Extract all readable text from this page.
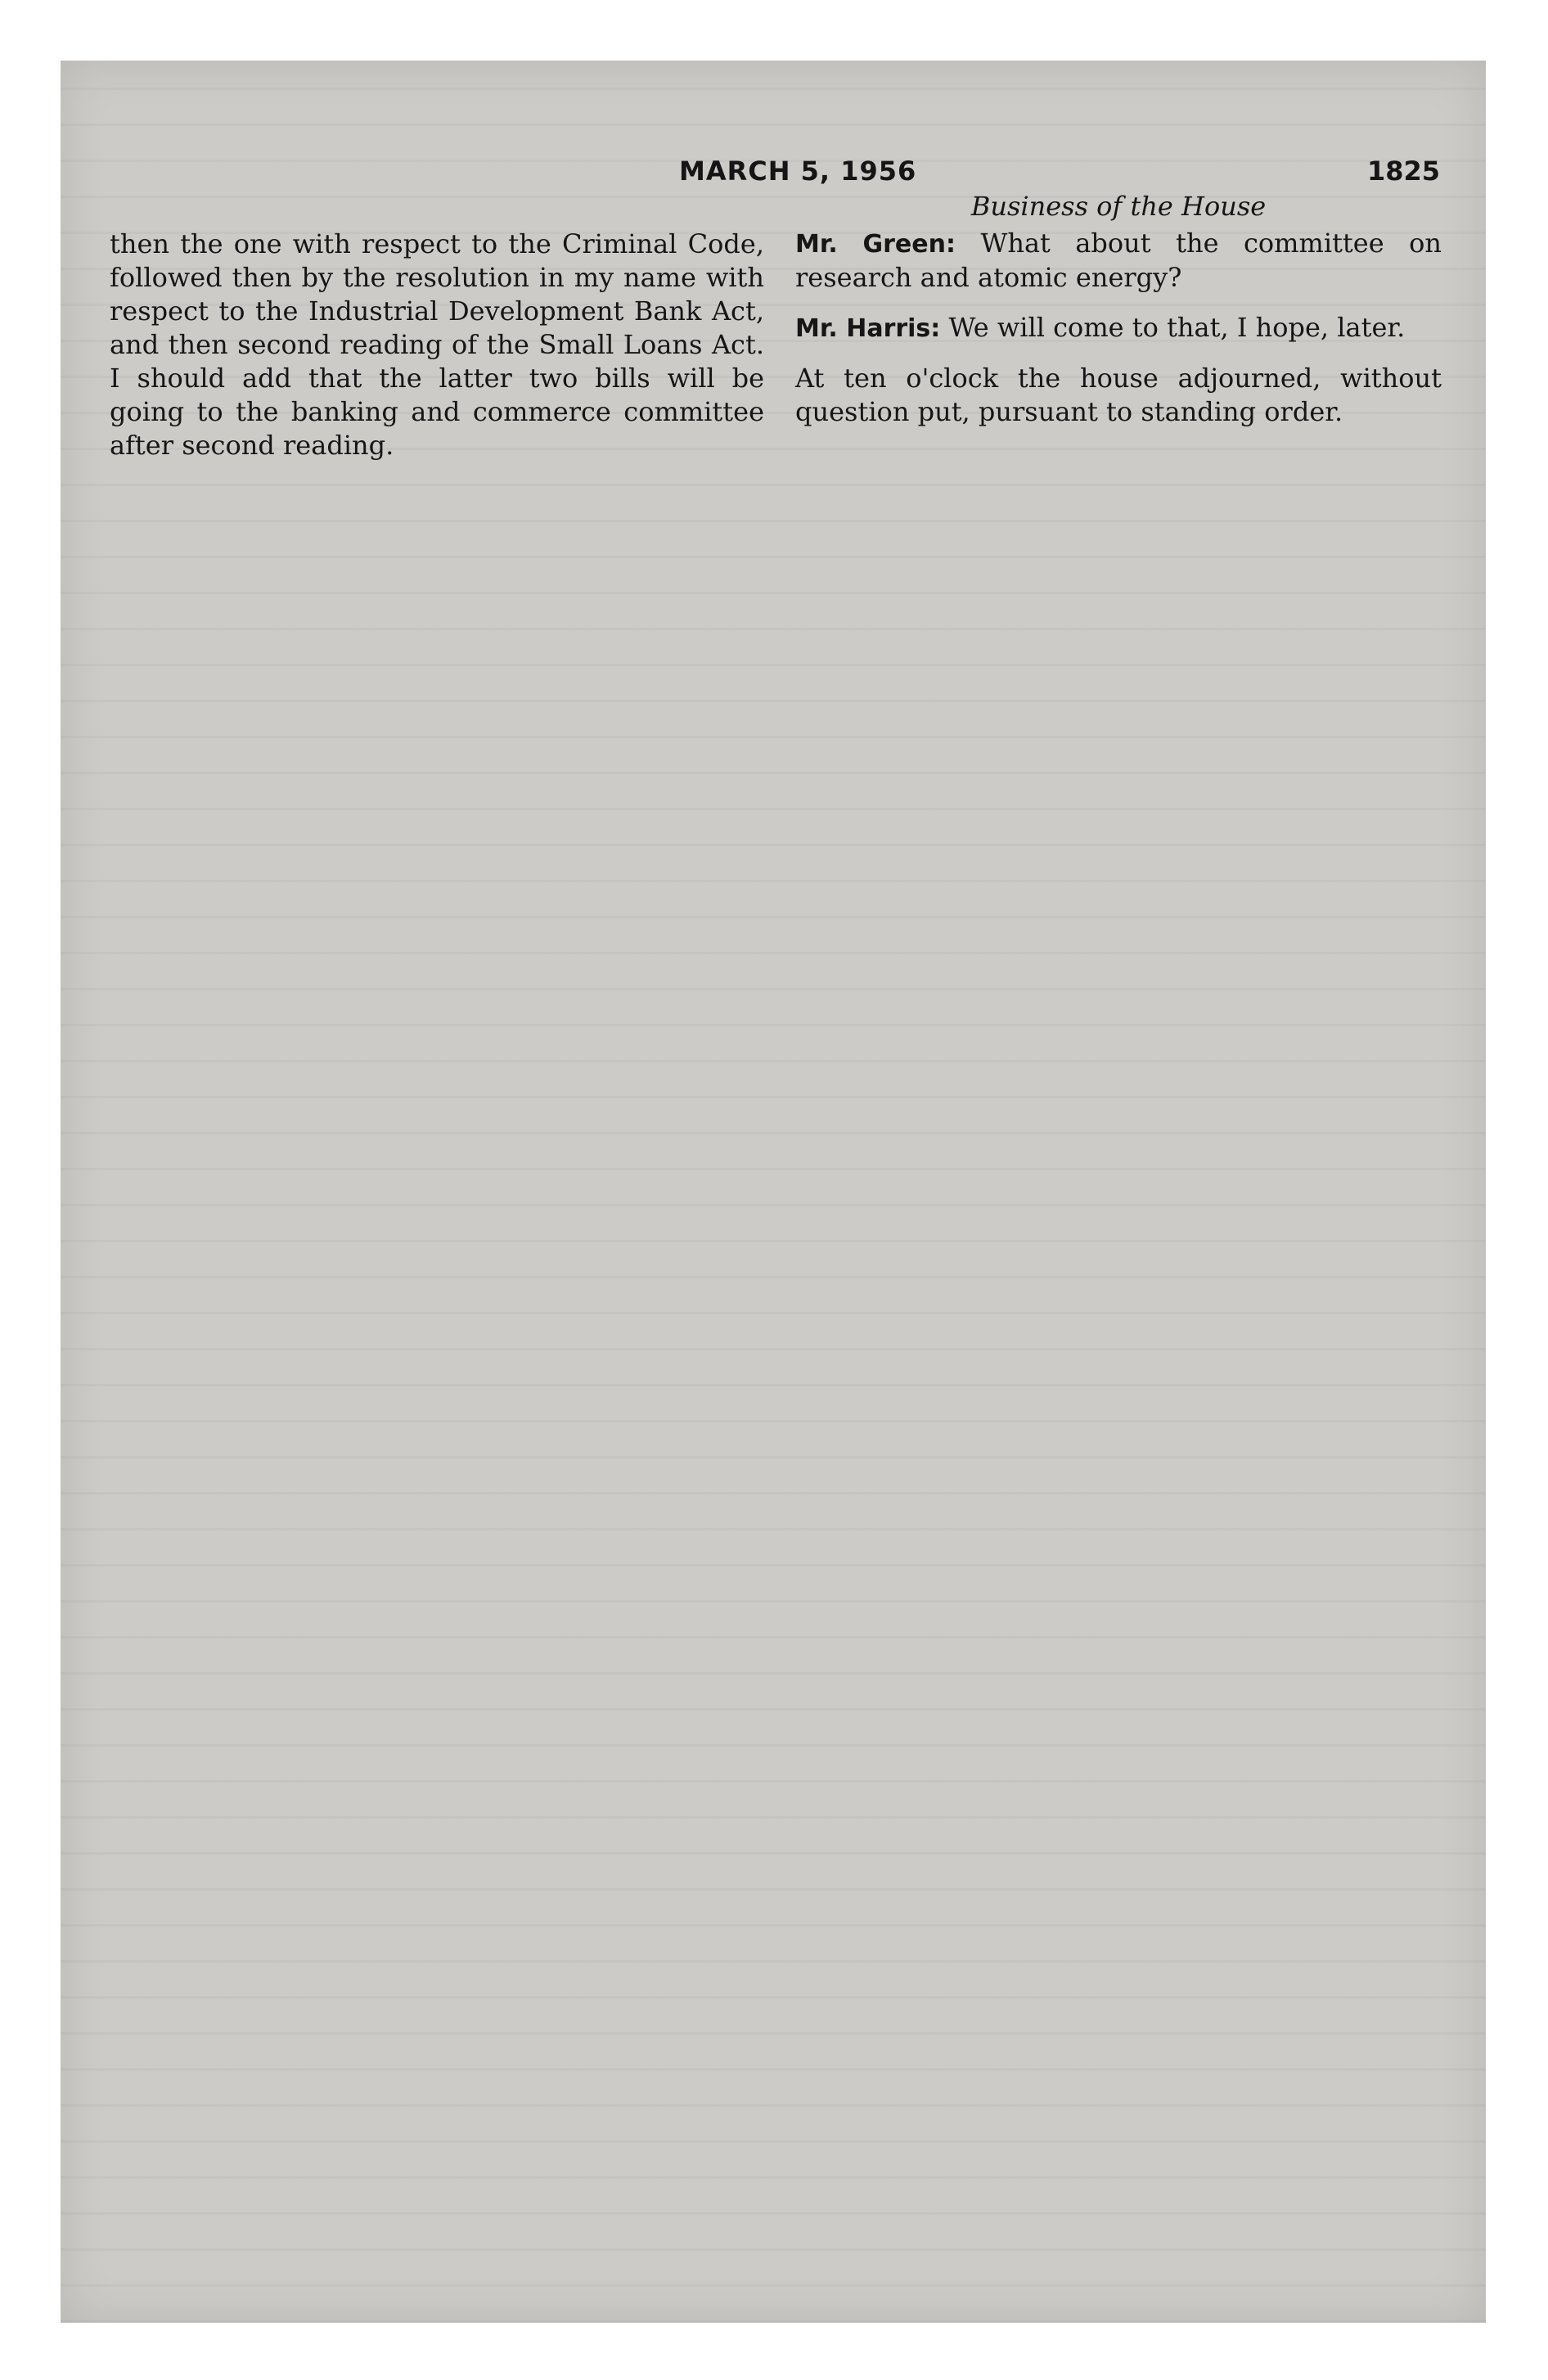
MARCH 5, 1956	1825

then the one with respect to the Criminal Code, followed then by the resolution in my name with respect to the Industrial Development Bank Act, and then second reading of the Small Loans Act. I should add that the latter two bills will be going to the banking and commerce committee after second reading.

Business of the House

Mr. Green: What about the committee on research and atomic energy?

Mr. Harris: We will come to that, I hope, later.

At ten o'clock the house adjourned, without question put, pursuant to standing order.
